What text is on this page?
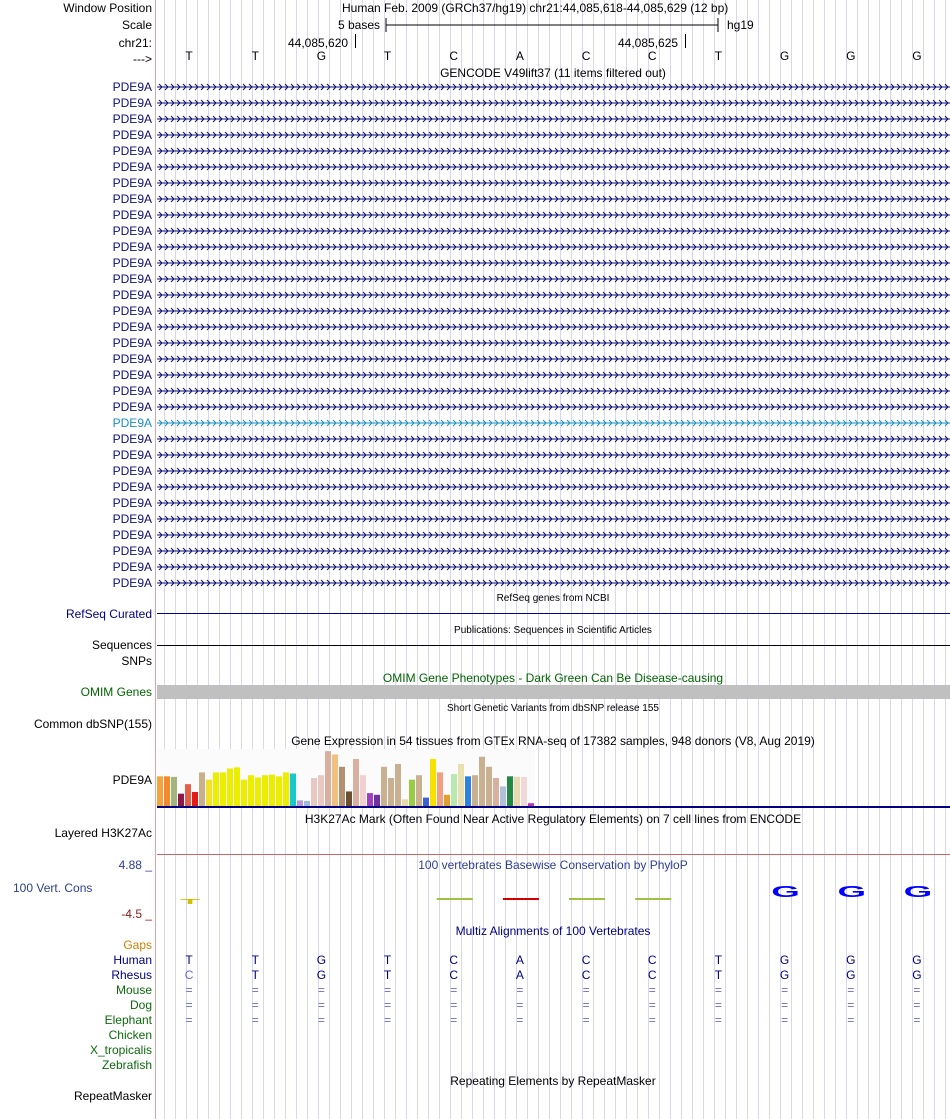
Window Position
Scale
chr21:
--->
Human Feb. 2009 (GRCh37/hg19) chr21:44,085,618-44,085,629 (12 bp)
5 bases	hg19
44,085,620	44,085,625
T	T	G	T	C	A	C	C	T	G	G	G
GENCODE V49lift37 (11 items filtered out)
PDE9A
PDE9A
PDE9A
PDE9A
PDE9A
PDE9A
PDE9A
PDE9A
PDE9A
PDE9A
PDE9A
PDE9A
PDE9A
PDE9A
PDE9A
PDE9A
PDE9A
PDE9A
PDE9A
PDE9A
PDE9A
PDE9A
PDE9A
PDE9A
PDE9A
PDE9A
PDE9A
PDE9A
PDE9A
PDE9A
PDE9A
PDE9A
RefSeq genes from NCBI
RefSeq Curated
Publications: Sequences in Scientific Articles
Sequences
SNPs
OMIM Gene Phenotypes - Dark Green Can Be Disease-causing
OMIM Genes
Short Genetic Variants from dbSNP release 155
Common dbSNP(155)
Gene Expression in 54 tissues from GTEx RNA-seq of 17382 samples, 948 donors (V8, Aug 2019)
PDE9A
H3K27Ac Mark (Often Found Near Active Regulatory Elements) on 7 cell lines from ENCODE
Layered H3K27Ac
100 vertebrates Basewise Conservation by PhyloP
4.88 _
-4.5 _
100 Vert. Cons
T
G G G
Multiz Alignments of 100 Vertebrates
Gaps
Human	T	T	G	T	C	A	C	C	T	G	G	G
Rhesus	C	T	G	T	C	A	C	C	T	G	G	G
Mouse	=	=	=	=	=	=	=	=	=	=	=	=
Dog	=	=	=	=	=	=	=	=	=	=	=	=
Elephant	=	=	=	=	=	=	=	=	=	=	=	=
Chicken
X_tropicalis
Zebrafish
Repeating Elements by RepeatMasker
RepeatMasker
